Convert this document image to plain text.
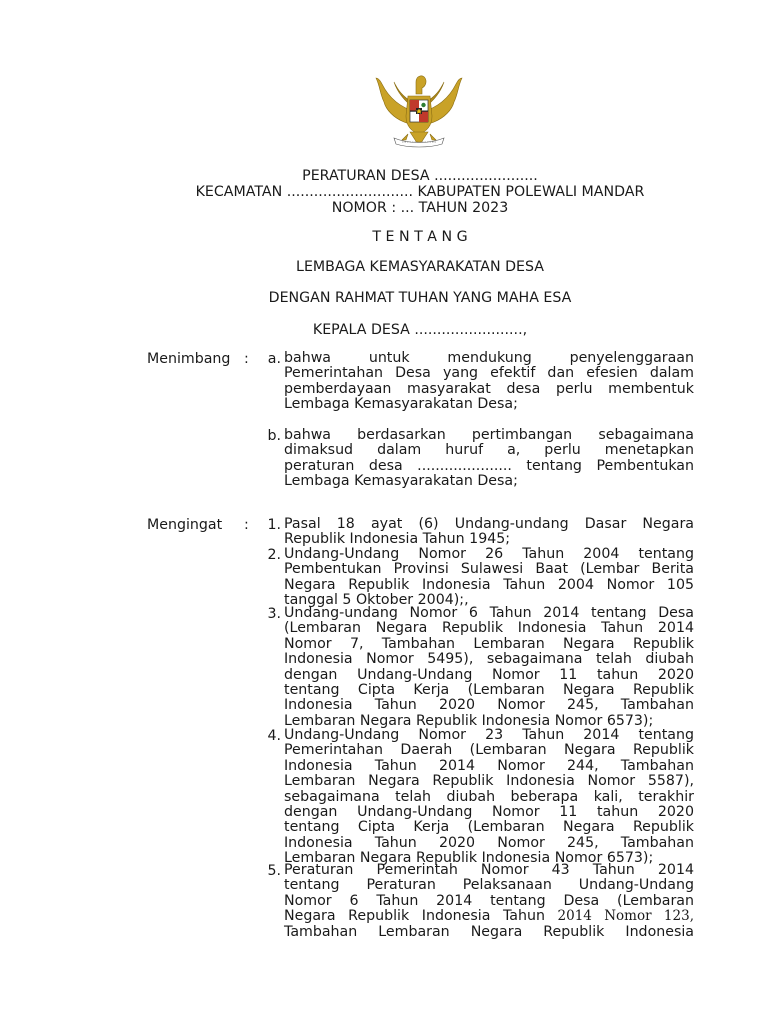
PERATURAN DESA .......................
KECAMATAN ............................ KABUPATEN POLEWALI MANDAR
NOMOR : ... TAHUN 2023
T E N T A N G
LEMBAGA KEMASYARAKATAN DESA
DENGAN RAHMAT TUHAN YANG MAHA ESA
KEPALA DESA ........................,
Menimbang :	a. bahwa untuk mendukung penyelenggaraan
Pemerintahan Desa yang efektif dan efesien dalam
pemberdayaan masyarakat desa perlu membentuk
Lembaga Kemasyarakatan Desa;
b. bahwa berdasarkan pertimbangan sebagaimana
dimaksud dalam huruf a, perlu menetapkan
peraturan desa ..................... tentang Pembentukan
Lembaga Kemasyarakatan Desa;
Mengingat :	1. Pasal 18 ayat (6) Undang-undang Dasar Negara
Republik Indonesia Tahun 1945;
2. Undang-Undang Nomor 26 Tahun 2004 tentang
Pembentukan Provinsi Sulawesi Baat (Lembar Berita
Negara Republik Indonesia Tahun 2004 Nomor 105
tanggal 5 Oktober 2004);,
3. Undang-undang Nomor 6 Tahun 2014 tentang Desa
(Lembaran Negara Republik Indonesia Tahun 2014
Nomor 7, Tambahan Lembaran Negara Republik
Indonesia Nomor 5495), sebagaimana telah diubah
dengan Undang-Undang Nomor 11 tahun 2020
tentang Cipta Kerja (Lembaran Negara Republik
Indonesia Tahun 2020 Nomor 245, Tambahan
Lembaran Negara Republik Indonesia Nomor 6573);
4. Undang-Undang Nomor 23 Tahun 2014 tentang
Pemerintahan Daerah (Lembaran Negara Republik
Indonesia Tahun 2014 Nomor 244, Tambahan
Lembaran Negara Republik Indonesia Nomor 5587),
sebagaimana telah diubah beberapa kali, terakhir
dengan Undang-Undang Nomor 11 tahun 2020
tentang Cipta Kerja (Lembaran Negara Republik
Indonesia Tahun 2020 Nomor 245, Tambahan
Lembaran Negara Republik Indonesia Nomor 6573);
5. Peraturan Pemerintah Nomor 43 Tahun 2014
tentang Peraturan Pelaksanaan Undang-Undang
Nomor 6 Tahun 2014 tentang Desa (Lembaran
Negara Republik Indonesia Tahun 2014 Nomor 123,
Tambahan Lembaran Negara Republik Indonesia
